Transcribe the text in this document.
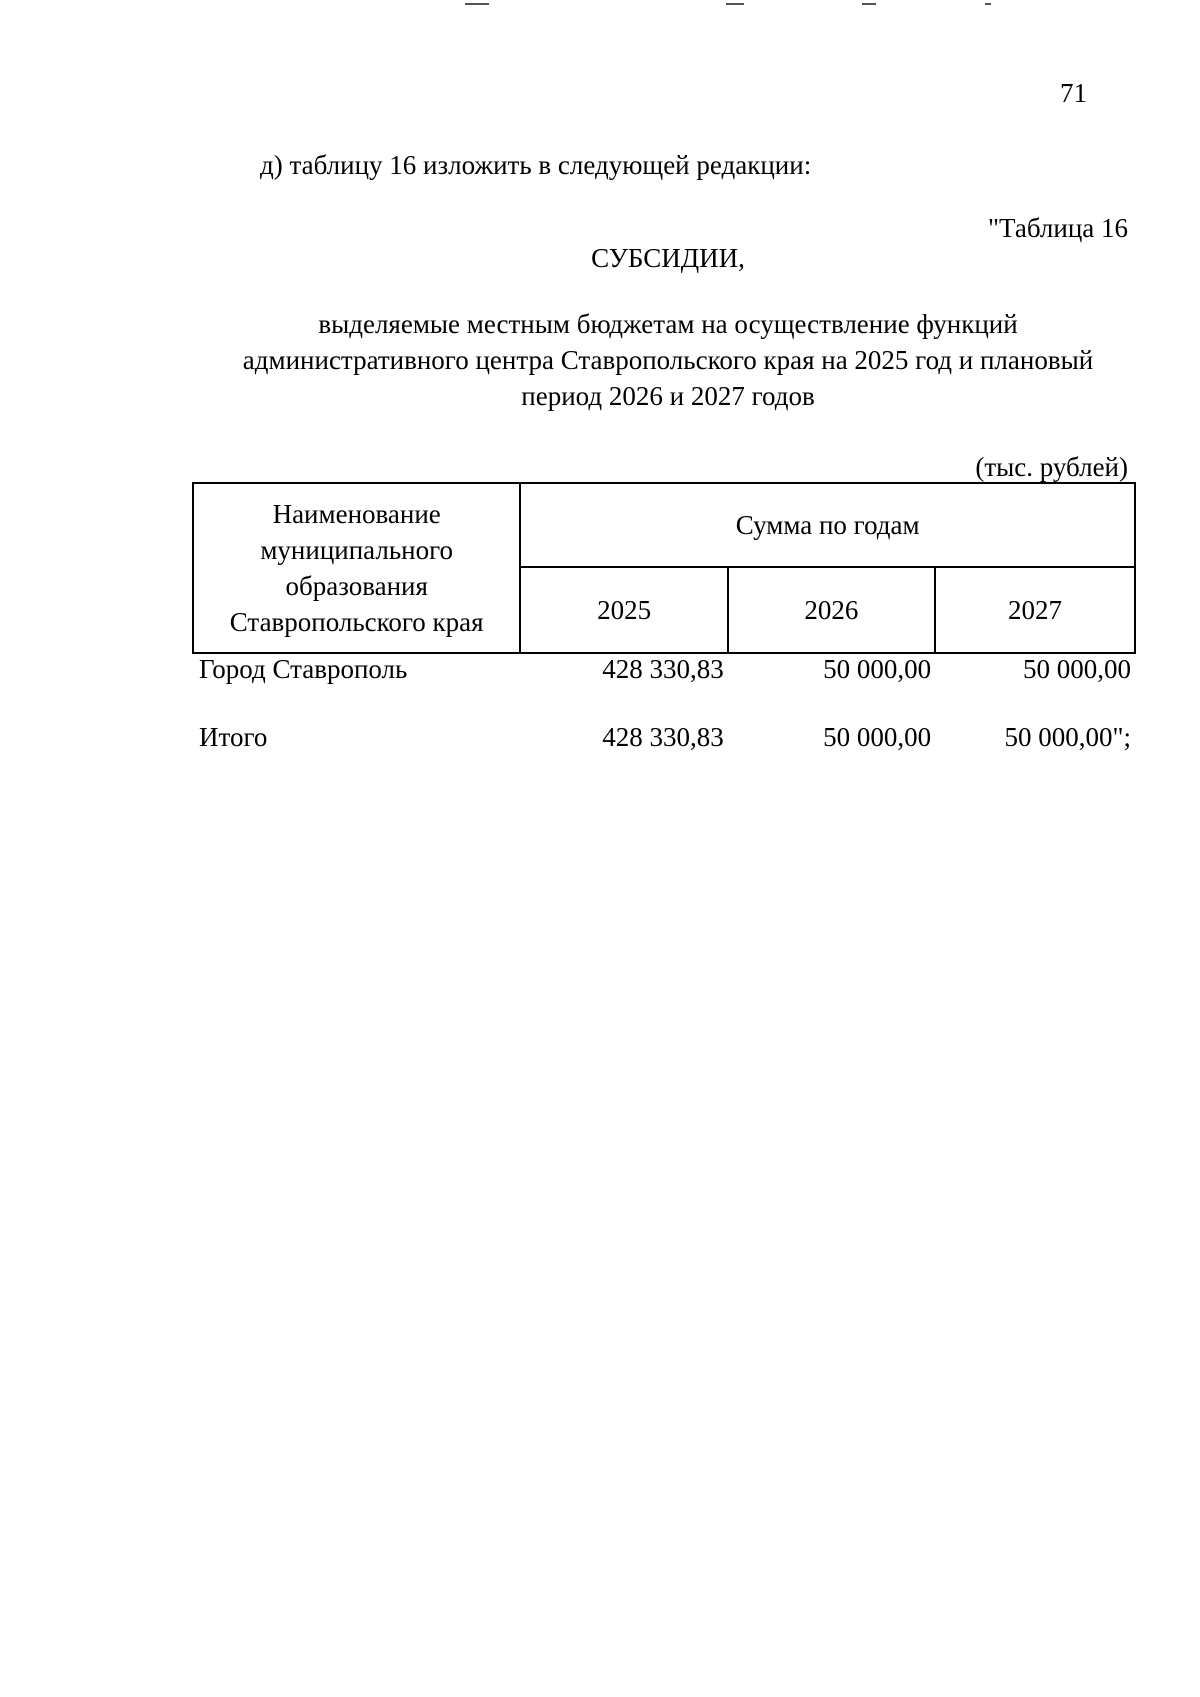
71
д) таблицу 16 изложить в следующей редакции:
"Таблица 16
СУБСИДИИ,
выделяемые местным бюджетам на осуществление функций
административного центра Ставропольского края на 2025 год и плановый
период 2026 и 2027 годов
(тыс. рублей)
Наименование муниципального образования Ставропольского края	Сумма по годам		
	2025	2026	2027
Город Ставрополь	428 330,83	50 000,00	50 000,00
Итого	428 330,83	50 000,00	50 000,00";
